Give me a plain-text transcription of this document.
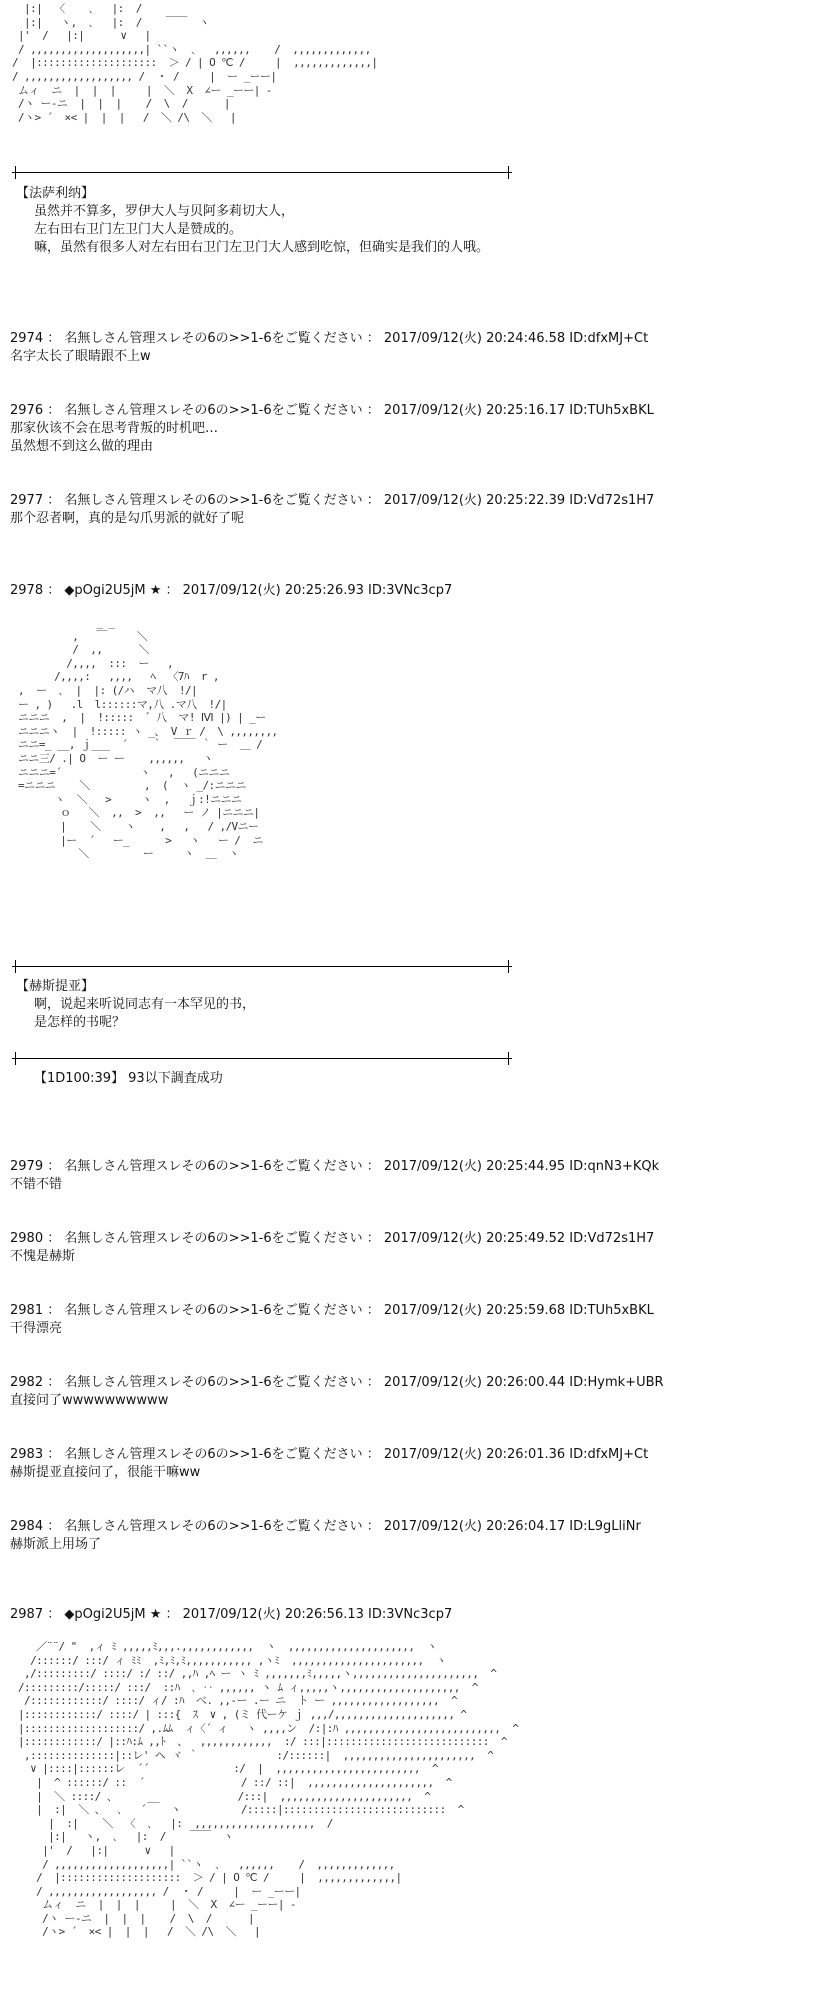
|:|  〈    ､   |:  /
|:|   ヽ,  ､   |:  /    ￣￣  ヽ
|'  /   |:|      ∨   |
/ ,,,,,,,,,,,,,,,,,,,| ``ヽ  ､   ,,,,,,    /  ,,,,,,,,,,,,,
/  |::::::::::::::::::::  ＞ / | O ℃ /     |  ,,,,,,,,,,,,,|
/ ,,,,,,,,,,,,,,,,,, /  ・ /     |  ー _ーー|
ムィ  ニ  |  |  |     |  ＼  X  ∠ー _ーー| -
/ヽ ー-ニ  |  |  |    /  \  /      |
/ヽ> ´  ×< |  |  |   /  ＼ /\  ＼   |
【法萨利纳】
虽然并不算多，罗伊大人与贝阿多莉切大人，
左右田右卫门左卫门大人是赞成的。
嘛，虽然有很多人对左右田右卫门左卫门大人感到吃惊，但确实是我们的人哦。
2974 ： 名無しさん管理スレその6の>>1-6をご覧ください ： 2017/09/12(火) 20:24:46.58 ID:dfxMJ+Ct
名字太长了眼睛跟不上w
2976 ： 名無しさん管理スレその6の>>1-6をご覧ください ： 2017/09/12(火) 20:25:16.17 ID:TUh5xBKL
那家伙该不会在思考背叛的时机吧…
虽然想不到这么做的理由
2977 ： 名無しさん管理スレその6の>>1-6をご覧ください ： 2017/09/12(火) 20:25:22.39 ID:Vd72s1H7
那个忍者啊，真的是勾爪男派的就好了呢
2978 ： ◆pOgi2U5jM ★ ： 2017/09/12(火) 20:25:26.93 ID:3VNc3cp7
_ _
,   ￣     ＼
/  ,,      ＼
/,,,,  :::  ー   ,
/,,,,:   ,,,,   ﾍ  〈7ﾊ  r ,
,  ー  ､  |  |: (/ハ  マ八  !/|
ー , )   .l  l::::::マ,八 .マ八  !/|
ニニニ  ,  |  !:::::  ゛八  マ! ⅣⅠ |) | _ー
ニニニヽ  |  !::::: ヽ _、 V ｒ /  \ ,,,,,,,,
ニニ=_ __, ｊ___  ´    ｀  ￣￣ ｀ ー  ＿ /
ニニ三/ .| O  ー ー    ,,,,,,   ヽ
ニニニ=´             ヽ   ,   (ニニニ
=ニニニ    ＼         ,  (  ヽ _/:ニニニ
ヽ  ＼   >     ヽ  ,   ｊ:!ニニニ
ｏ   ＼  ,,  >  ,,   ー ノ |ニニニ|
|    ＼    ヽ    ,   ,   / ,/Vニー
|ー  ´   ー_      >   ヽ   ー /  ニ
＼         ー     ヽ  ＿  ヽ
【赫斯提亚】
啊，说起来听说同志有一本罕见的书，
是怎样的书呢？
【1D100:39】 93以下調査成功
2979 ： 名無しさん管理スレその6の>>1-6をご覧ください ： 2017/09/12(火) 20:25:44.95 ID:qnN3+KQk
不错不错
2980 ： 名無しさん管理スレその6の>>1-6をご覧ください ： 2017/09/12(火) 20:25:49.52 ID:Vd72s1H7
不愧是赫斯
2981 ： 名無しさん管理スレその6の>>1-6をご覧ください ： 2017/09/12(火) 20:25:59.68 ID:TUh5xBKL
干得漂亮
2982 ： 名無しさん管理スレその6の>>1-6をご覧ください ： 2017/09/12(火) 20:26:00.44 ID:Hymk+UBR
直接问了wwwwwwwwww
2983 ： 名無しさん管理スレその6の>>1-6をご覧ください ： 2017/09/12(火) 20:26:01.36 ID:dfxMJ+Ct
赫斯提亚直接问了，很能干嘛ww
2984 ： 名無しさん管理スレその6の>>1-6をご覧ください ： 2017/09/12(火) 20:26:04.17 ID:L9gLliNr
赫斯派上用场了
2987 ： ◆pOgi2U5jM ★ ： 2017/09/12(火) 20:26:56.13 ID:3VNc3cp7
／¨¨/ "  ,ィ ﾐ ,,,,,ﾐ,,,.,,,,,,,,,,,,  ヽ  ,,,,,,,,,,,,,,,,,,,,,  ヽ
/::::::/ :::/ ィ ﾐﾐ  ,ﾐ,ﾐ,ﾐ,,,,,,,,,,, ,ヽﾐ  ,,,,,,,,,,,,,,,,,,,,,,  ヽ
,/:::::::::/ ::::/ :/ ::/ ,,ﾊ ,ﾍ ー ヽ ﾐ ,,,,,,,ﾐ,,,,,ヽ,,,,,,,,,,,,,,,,,,,,,  ^
/:::::::::/:::::/ :::/  ::ﾊ  ､ ‥ ,,,,,, ヽ ﾑ ィ,,,,,ヽ,,,,,,,,,,,,,,,,,,,,  ^
/::::::::::::/ ::::/ ィ/ :ﾊ  べ. ,,-ー .ー ニ  ト ー ,,,,,,,,,,,,,,,,,,  ^
|::::::::::::/ ::::/ | :::{  ｽ  ∨ , (ミ 代ーケ ｊ ,,,/,,,,,,,,,,,,,,,,,,,, ^
|:::::::::::::::::::/ ,.ﾑﾑ  ィ〈´ ィ   ヽ ,,,,ン  /:|:ﾊ ,,,,,,,,,,,,,,,,,,,,,,,,,,  ^
|::::::::::::/ |::ﾊ:ﾑ ,,ﾄ  、  ,,,,,,,,,,,,  :/ :::|:::::::::::::::::::::::::::  ^
,::::::::::::::|::レ' ヘ ヾ ｀             :/::::::|  ,,,,,,,,,,,,,,,,,,,,,,  ^
∨ |::::|::::::レ  ´´              :/  |  ,,,,,,,,,,,,,,,,,,,,,,,,  ^
|  ^ ::::::/ ::  ´                / ::/ ::|  ,,,,,,,,,,,,,,,,,,,,,  ^
|  ＼ ::::/ 、     __             /:::|  ,,,,,,,,,,,,,,,,,,,,,,  ^
|  :|  ＼ 、  ､   ´    ヽ          /:::::|:::::::::::::::::::::::::::  ^
|  :|    ＼  〈  ､   |:  ,,,,,,,,,,,,,,,,,,,,  /
|:|   ヽ,  ､   |:  /    ￣￣  ヽ
|'  /   |:|      ∨   |
/ ,,,,,,,,,,,,,,,,,,,| ``ヽ  ､   ,,,,,,    /  ,,,,,,,,,,,,,
/  |::::::::::::::::::::  ＞ / | O ℃ /     |  ,,,,,,,,,,,,,|
/ ,,,,,,,,,,,,,,,,,, /  ・ /     |  ー _ーー|
ムィ  ニ  |  |  |     |  ＼  X  ∠ー _ーー| -
/ヽ ー-ニ  |  |  |    /  \  /      |
/ヽ> ´  ×< |  |  |   /  ＼ /\  ＼   |
